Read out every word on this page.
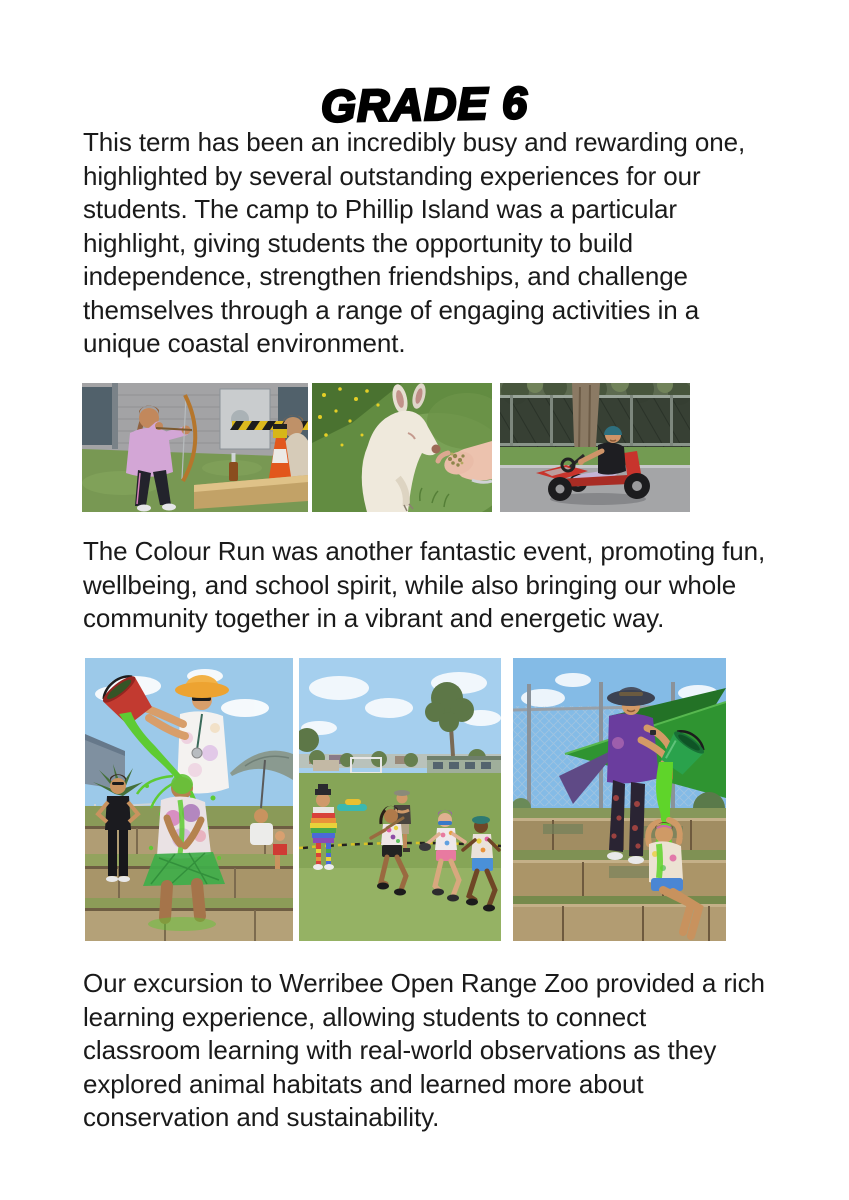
GRADE 6
This term has been an incredibly busy and rewarding one,
highlighted by several outstanding experiences for our
students. The camp to Phillip Island was a particular
highlight, giving students the opportunity to build
independence, strengthen friendships, and challenge
themselves through a range of engaging activities in a
unique coastal environment.
The Colour Run was another fantastic event, promoting fun,
wellbeing, and school spirit, while also bringing our whole
community together in a vibrant and energetic way.
Our excursion to Werribee Open Range Zoo provided a rich
learning experience, allowing students to connect
classroom learning with real-world observations as they
explored animal habitats and learned more about
conservation and sustainability.
